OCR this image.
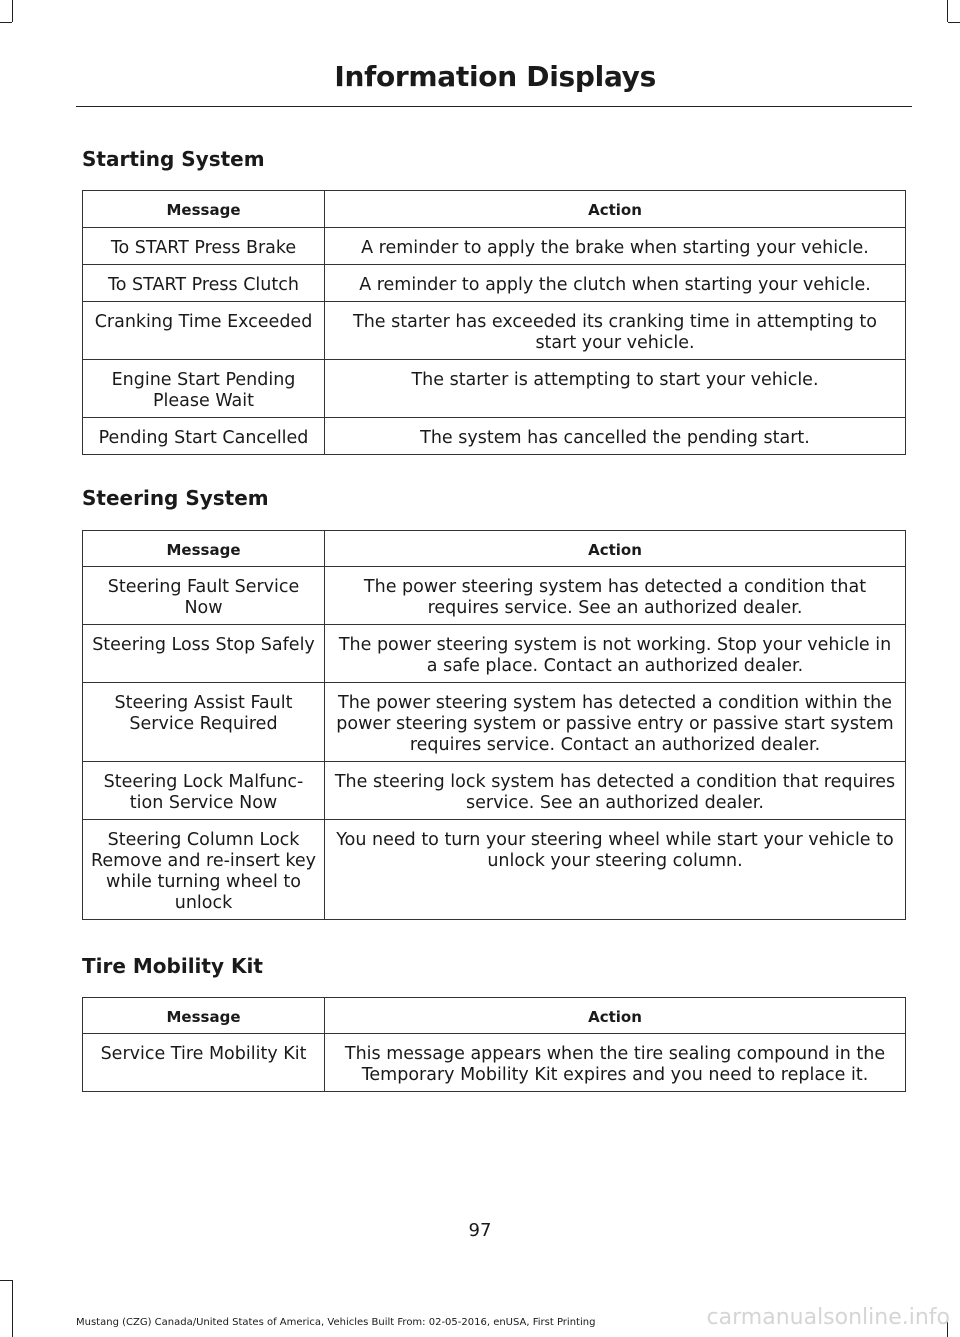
Information Displays
Starting System
Message	Action
To START Press Brake	A reminder to apply the brake when starting your vehicle.
To START Press Clutch	A reminder to apply the clutch when starting your vehicle.
Cranking Time Exceeded	The starter has exceeded its cranking time in attempting to start your vehicle.
Engine Start Pending Please Wait	The starter is attempting to start your vehicle.
Pending Start Cancelled	The system has cancelled the pending start.
Steering System
Message	Action
Steering Fault Service Now	The power steering system has detected a condition that requires service. See an authorized dealer.
Steering Loss Stop Safely	The power steering system is not working. Stop your vehicle in a safe place. Contact an authorized dealer.
Steering Assist Fault Service Required	The power steering system has detected a condition within the power steering system or passive entry or passive start system requires service. Contact an authorized dealer.
Steering Lock Malfunc-tion Service Now	The steering lock system has detected a condition that requires service. See an authorized dealer.
Steering Column Lock Remove and re-insert key while turning wheel to unlock	You need to turn your steering wheel while start your vehicle to unlock your steering column.
Tire Mobility Kit
Message	Action
Service Tire Mobility Kit	This message appears when the tire sealing compound in the Temporary Mobility Kit expires and you need to replace it.
97
Mustang (CZG) Canada/United States of America, Vehicles Built From: 02-05-2016, enUSA, First Printing	carmanualsonline.info
